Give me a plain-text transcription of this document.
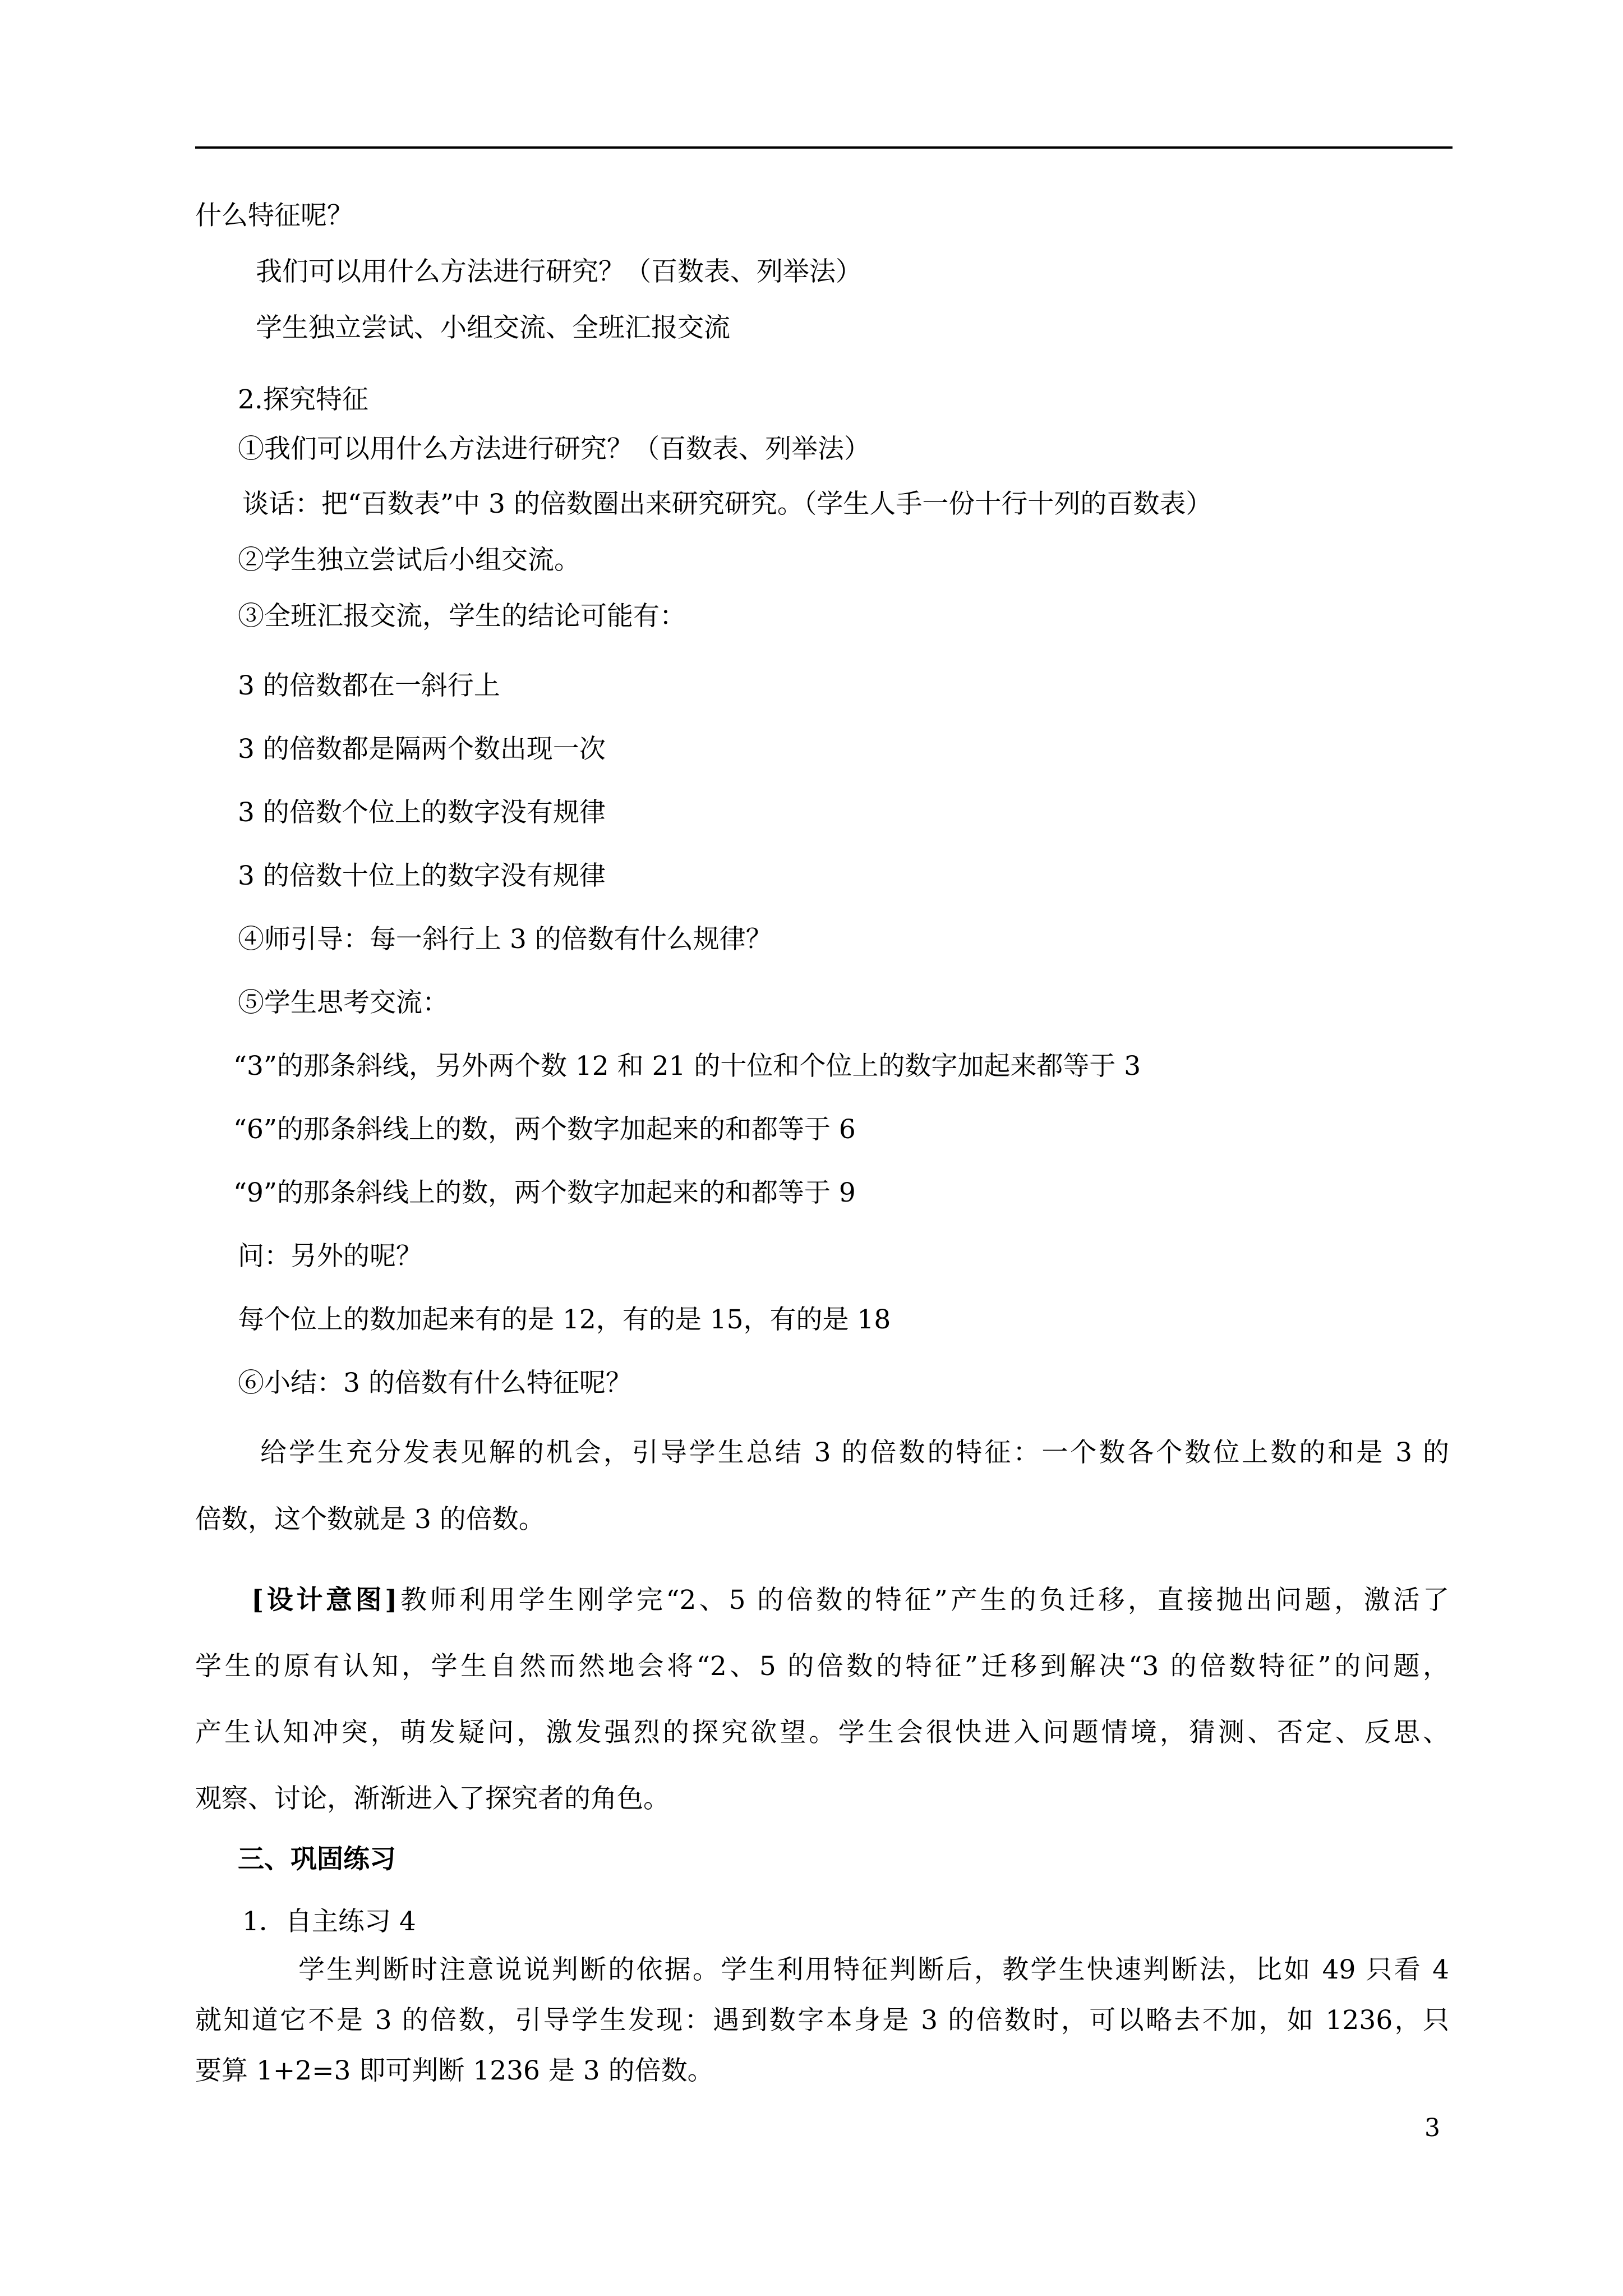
什么特征呢？
我们可以用什么方法进行研究？（百数表、列举法）
学生独立尝试、小组交流、全班汇报交流
2.探究特征
①我们可以用什么方法进行研究？（百数表、列举法）
谈话：把“百数表”中 3 的倍数圈出来研究研究。（学生人手一份十行十列的百数表）
②学生独立尝试后小组交流。
③全班汇报交流，学生的结论可能有：
3 的倍数都在一斜行上
3 的倍数都是隔两个数出现一次
3 的倍数个位上的数字没有规律
3 的倍数十位上的数字没有规律
④师引导：每一斜行上 3 的倍数有什么规律？
⑤学生思考交流：
“3”的那条斜线，另外两个数 12 和 21 的十位和个位上的数字加起来都等于 3
“6”的那条斜线上的数，两个数字加起来的和都等于 6
“9”的那条斜线上的数，两个数字加起来的和都等于 9
问：另外的呢？
每个位上的数加起来有的是 12，有的是 15，有的是 18
⑥小结：3 的倍数有什么特征呢？
给学生充分发表见解的机会，引导学生总结 3 的倍数的特征：一个数各个数位上数的和是 3 的
倍数，这个数就是 3 的倍数。
[设计意图]教师利用学生刚学完“2、5 的倍数的特征”产生的负迁移，直接抛出问题，激活了
学生的原有认知，学生自然而然地会将“2、5 的倍数的特征”迁移到解决“3 的倍数特征”的问题，
产生认知冲突，萌发疑问，激发强烈的探究欲望。学生会很快进入问题情境，猜测、否定、反思、
观察、讨论，渐渐进入了探究者的角色。
三、巩固练习
1．自主练习 4
学生判断时注意说说判断的依据。学生利用特征判断后，教学生快速判断法，比如 49 只看 4
就知道它不是 3 的倍数，引导学生发现：遇到数字本身是 3 的倍数时，可以略去不加，如 1236，只
要算 1+2=3 即可判断 1236 是 3 的倍数。
3
